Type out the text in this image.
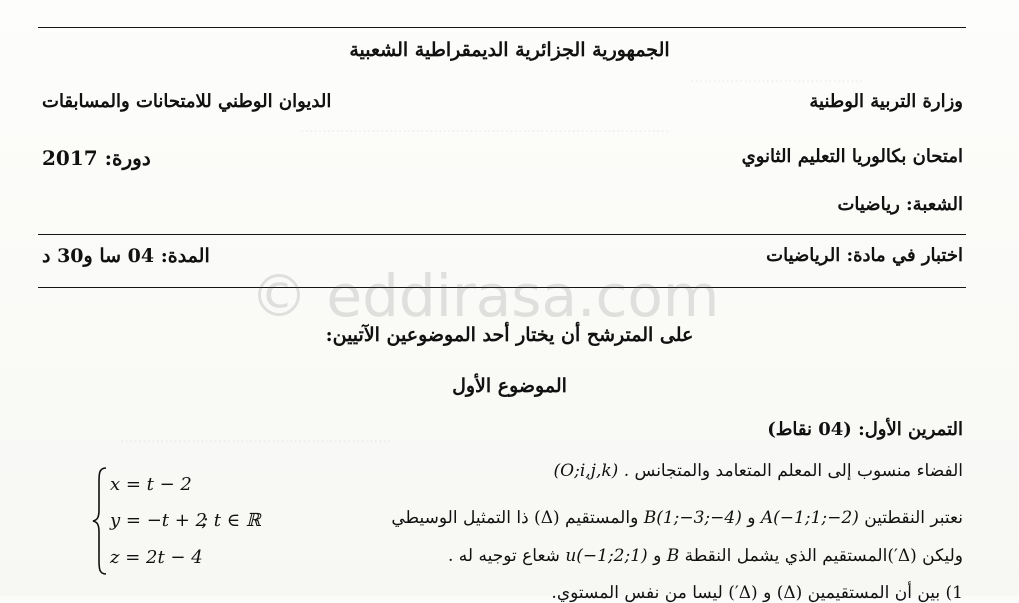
.......................................
...................................................................................
.............................................................
الجمهورية الجزائرية الديمقراطية الشعبية
وزارة التربية الوطنية
الديوان الوطني للامتحانات والمسابقات
امتحان بكالوريا التعليم الثانوي
دورة: 2017
الشعبة: رياضيات
اختبار في مادة: الرياضيات
المدة: 04 سا و30 د
© eddirasa.com
على المترشح أن يختار أحد الموضوعين الآتيين:
الموضوع الأول
التمرين الأول: (04 نقاط)
الفضاء منسوب إلى المعلم المتعامد والمتجانس (O;i,j,k) .
نعتبر النقطتين A(−1;1;−2) و B(1;−3;−4) والمستقيم (Δ) ذا التمثيل الوسيطي
وليكن (Δ′)المستقيم الذي يشمل النقطة B و u(−1;2;1) شعاع توجيه له .
1) بين أن المستقيمين (Δ) و (Δ′) ليسا من نفس المستوي.
x = t − 2
y = −t + 2
z = 2t − 4
; t ∈ ℝ
